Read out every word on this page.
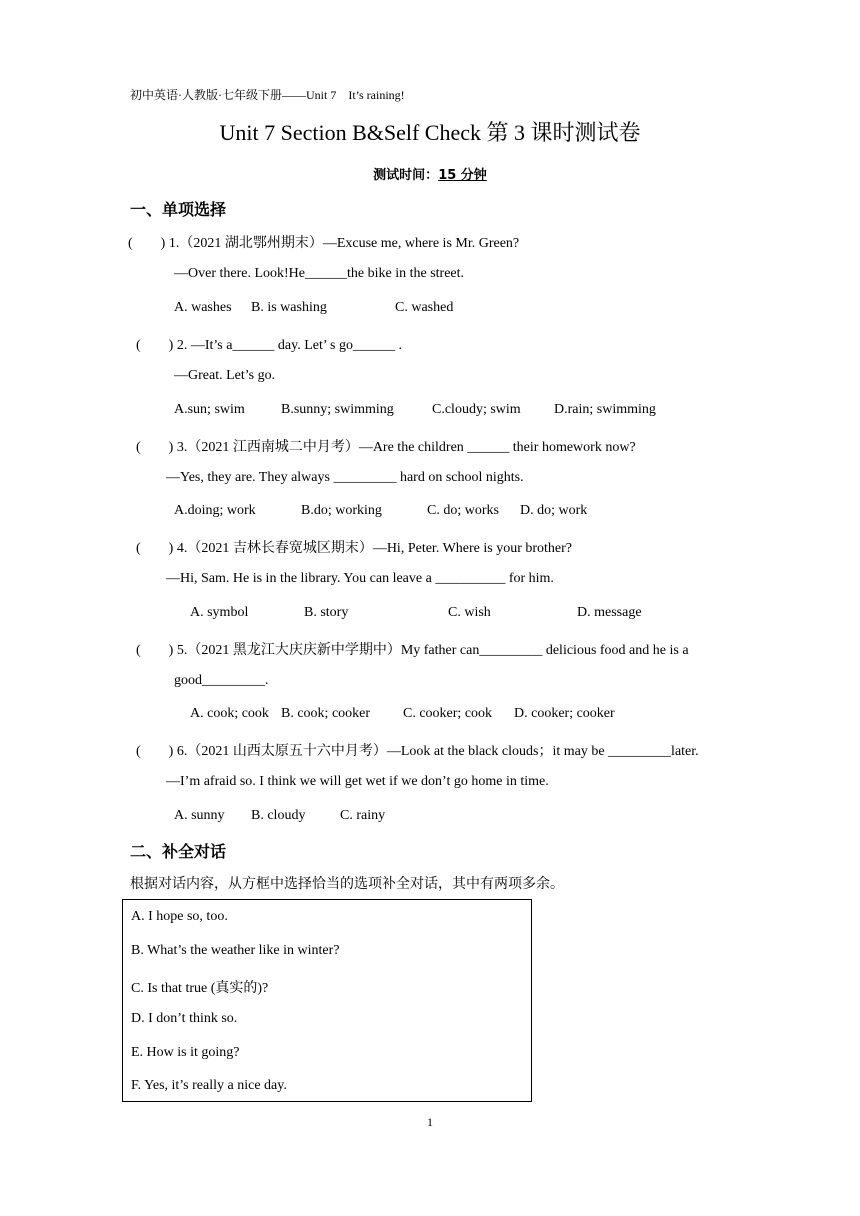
初中英语·人教版·七年级下册——Unit 7　It’s raining!
Unit 7 Section B&Self Check 第 3 课时测试卷
测试时间：15 分钟
一、单项选择
(　　) 1.（2021 湖北鄂州期末）—Excuse me, where is Mr. Green?
—Over there. Look!He______the bike in the street.
A. washes B. is washing	C. washed
(　　) 2. —It’s a______ day. Let’ s go______ .
—Great. Let’s go.
A.sun; swim	B.sunny; swimming	C.cloudy; swim D.rain; swimming
(　　) 3.（2021 江西南城二中月考）—Are the children ______ their homework now?
—Yes, they are. They always _________ hard on school nights.
A.doing; work	B.do; working	C. do; works D. do; work
(　　) 4.（2021 吉林长春宽城区期末）—Hi, Peter. Where is your brother?
—Hi, Sam. He is in the library. You can leave a __________ for him.
A. symbol	B. story	C. wish	D. message
(　　) 5.（2021 黑龙江大庆庆新中学期中）My father can_________ delicious food and he is a
good_________.
A. cook; cook B. cook; cooker C. cooker; cook D. cooker; cooker
(　　) 6.（2021 山西太原五十六中月考）—Look at the black clouds；it may be _________later.
—I’m afraid so. I think we will get wet if we don’t go home in time.
A. sunny B. cloudy C. rainy
二、补全对话
根据对话内容，从方框中选择恰当的选项补全对话，其中有两项多余。
A. I hope so, too.
B. What’s the weather like in winter?
C. Is that true (真实的)?
D. I don’t think so.
E. How is it going?
F. Yes, it’s really a nice day.
1
